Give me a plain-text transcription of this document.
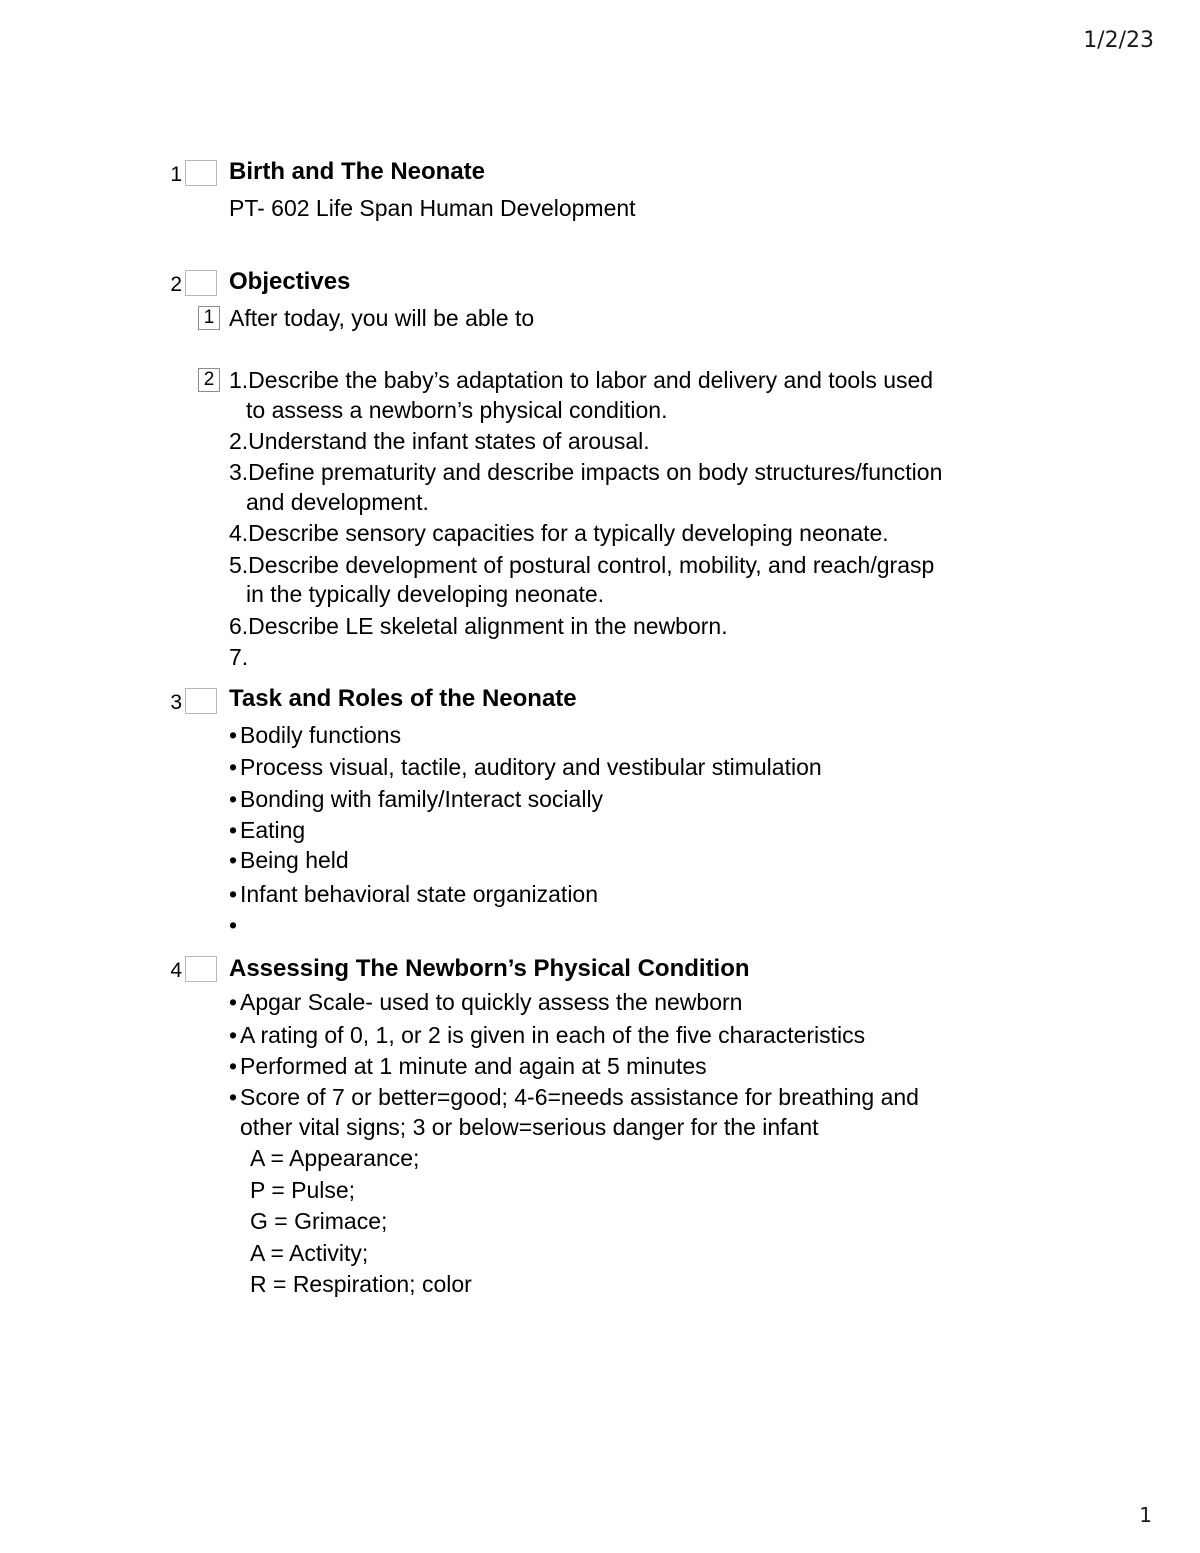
1/2/23
1 Birth and The Neonate
PT- 602 Life Span Human Development
2 Objectives
1 After today, you will be able to
2 1.Describe the baby’s adaptation to labor and delivery and tools used
to assess a newborn’s physical condition.
2.Understand the infant states of arousal.
3.Define prematurity and describe impacts on body structures/function
and development.
4.Describe sensory capacities for a typically developing neonate.
5.Describe development of postural control, mobility, and reach/grasp
in the typically developing neonate.
6.Describe LE skeletal alignment in the newborn.
7.
3 Task and Roles of the Neonate
• Bodily functions
• Process visual, tactile, auditory and vestibular stimulation
• Bonding with family/Interact socially
• Eating
• Being held
• Infant behavioral state organization
•
4 Assessing The Newborn’s Physical Condition
• Apgar Scale- used to quickly assess the newborn
• A rating of 0, 1, or 2 is given in each of the five characteristics
• Performed at 1 minute and again at 5 minutes
• Score of 7 or better=good; 4-6=needs assistance for breathing and
other vital signs; 3 or below=serious danger for the infant
A = Appearance;
P = Pulse;
G = Grimace;
A = Activity;
R = Respiration; color
1
